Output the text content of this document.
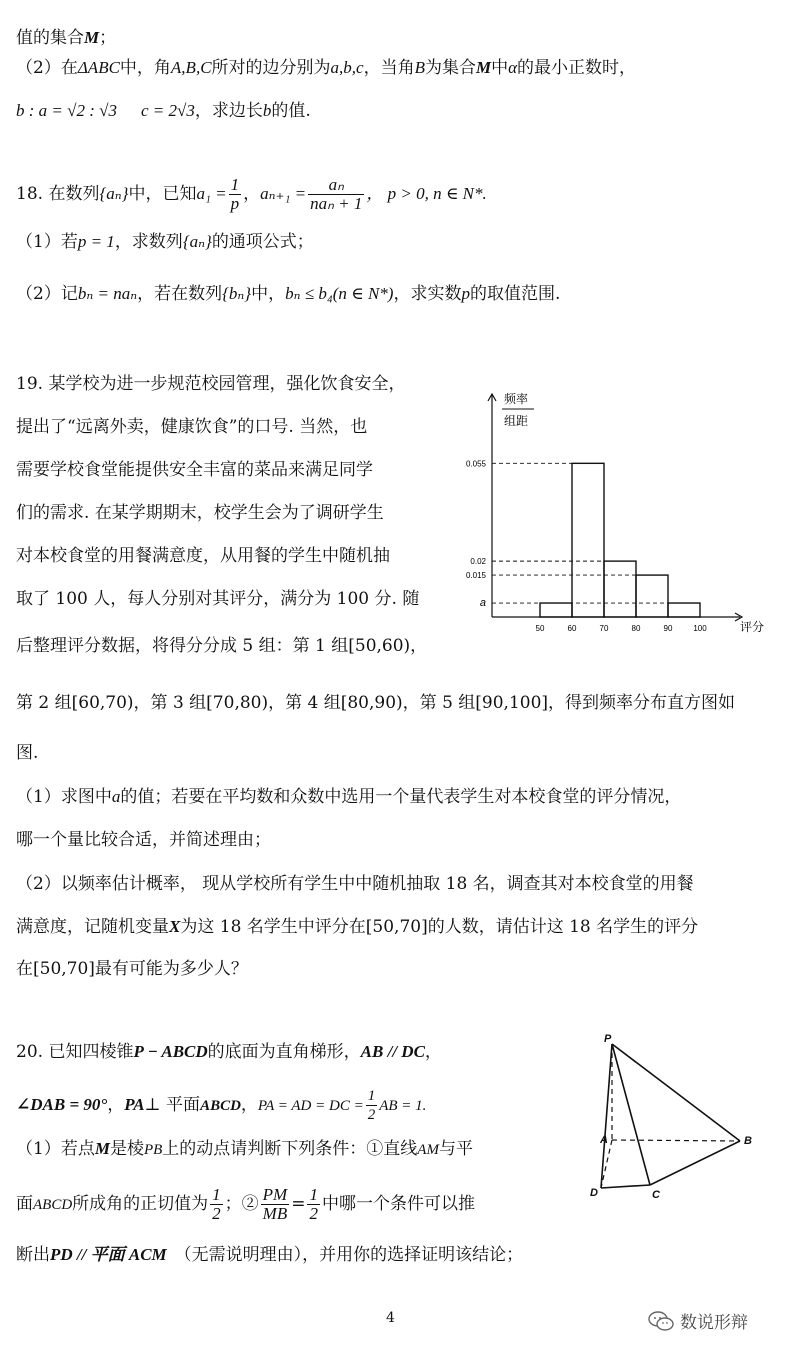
值的集合M；
（2）在ΔABC中，角A,B,C所对的边分别为a,b,c，当角B为集合M中α的最小正数时，
b : a = √2 : √3 c = 2√3，求边长b的值.
18. 在数列{aₙ}中，已知$a_1 = \frac{1}{p}$ ，$a_{n+1} = \frac{\text{aₙ}}{\text{naₙ + 1}}$ ， p > 0, n ∈ N*.
（1）若p = 1，求数列{aₙ}的通项公式；
（2）记bₙ = naₙ，若在数列{bₙ}中，bₙ ≤ b₄(n ∈ N*)，求实数p的取值范围.
19. 某学校为进一步规范校园管理，强化饮食安全，
提出了“远离外卖，健康饮食”的口号. 当然，也
需要学校食堂能提供安全丰富的菜品来满足同学
们的需求. 在某学期期末，校学生会为了调研学生
对本校食堂的用餐满意度，从用餐的学生中随机抽
取了 100 人，每人分别对其评分，满分为 100 分. 随
后整理评分数据，将得分分成 5 组：第 1 组[50,60)，
第 2 组[60,70)，第 3 组[70,80)，第 4 组[80,90)，第 5 组[90,100]，得到频率分布直方图如
图.
（1）求图中a的值；若要在平均数和众数中选用一个量代表学生对本校食堂的评分情况，
哪一个量比较合适，并简述理由；
（2）以频率估计概率， 现从学校所有学生中中随机抽取 18 名，调查其对本校食堂的用餐
满意度，记随机变量X为这 18 名学生中评分在[50,70]的人数，请估计这 18 名学生的评分
在[50,70]最有可能为多少人？
频率
组距
0.055
0.02
0.015
a
50	60	70	80	90	100	评分
20. 已知四棱锥P − ABCD的底面为直角梯形，AB // DC，
∠DAB = 90°，PA⊥ 平面ABCD，PA = AD = DC = $\frac{1}{2}$ AB = 1.
（1）若点M是棱PB上的动点请判断下列条件：①直线AM与平
面ABCD所成角的正切值为 $\frac{1}{2}$ ；② $\frac{PM}{MB} = \frac{1}{2}$ 中哪一个条件可以推
断出PD // 平面 ACM （无需说明理由），并用你的选择证明该结论；
P
A	B
C
D
4	数说形辩
